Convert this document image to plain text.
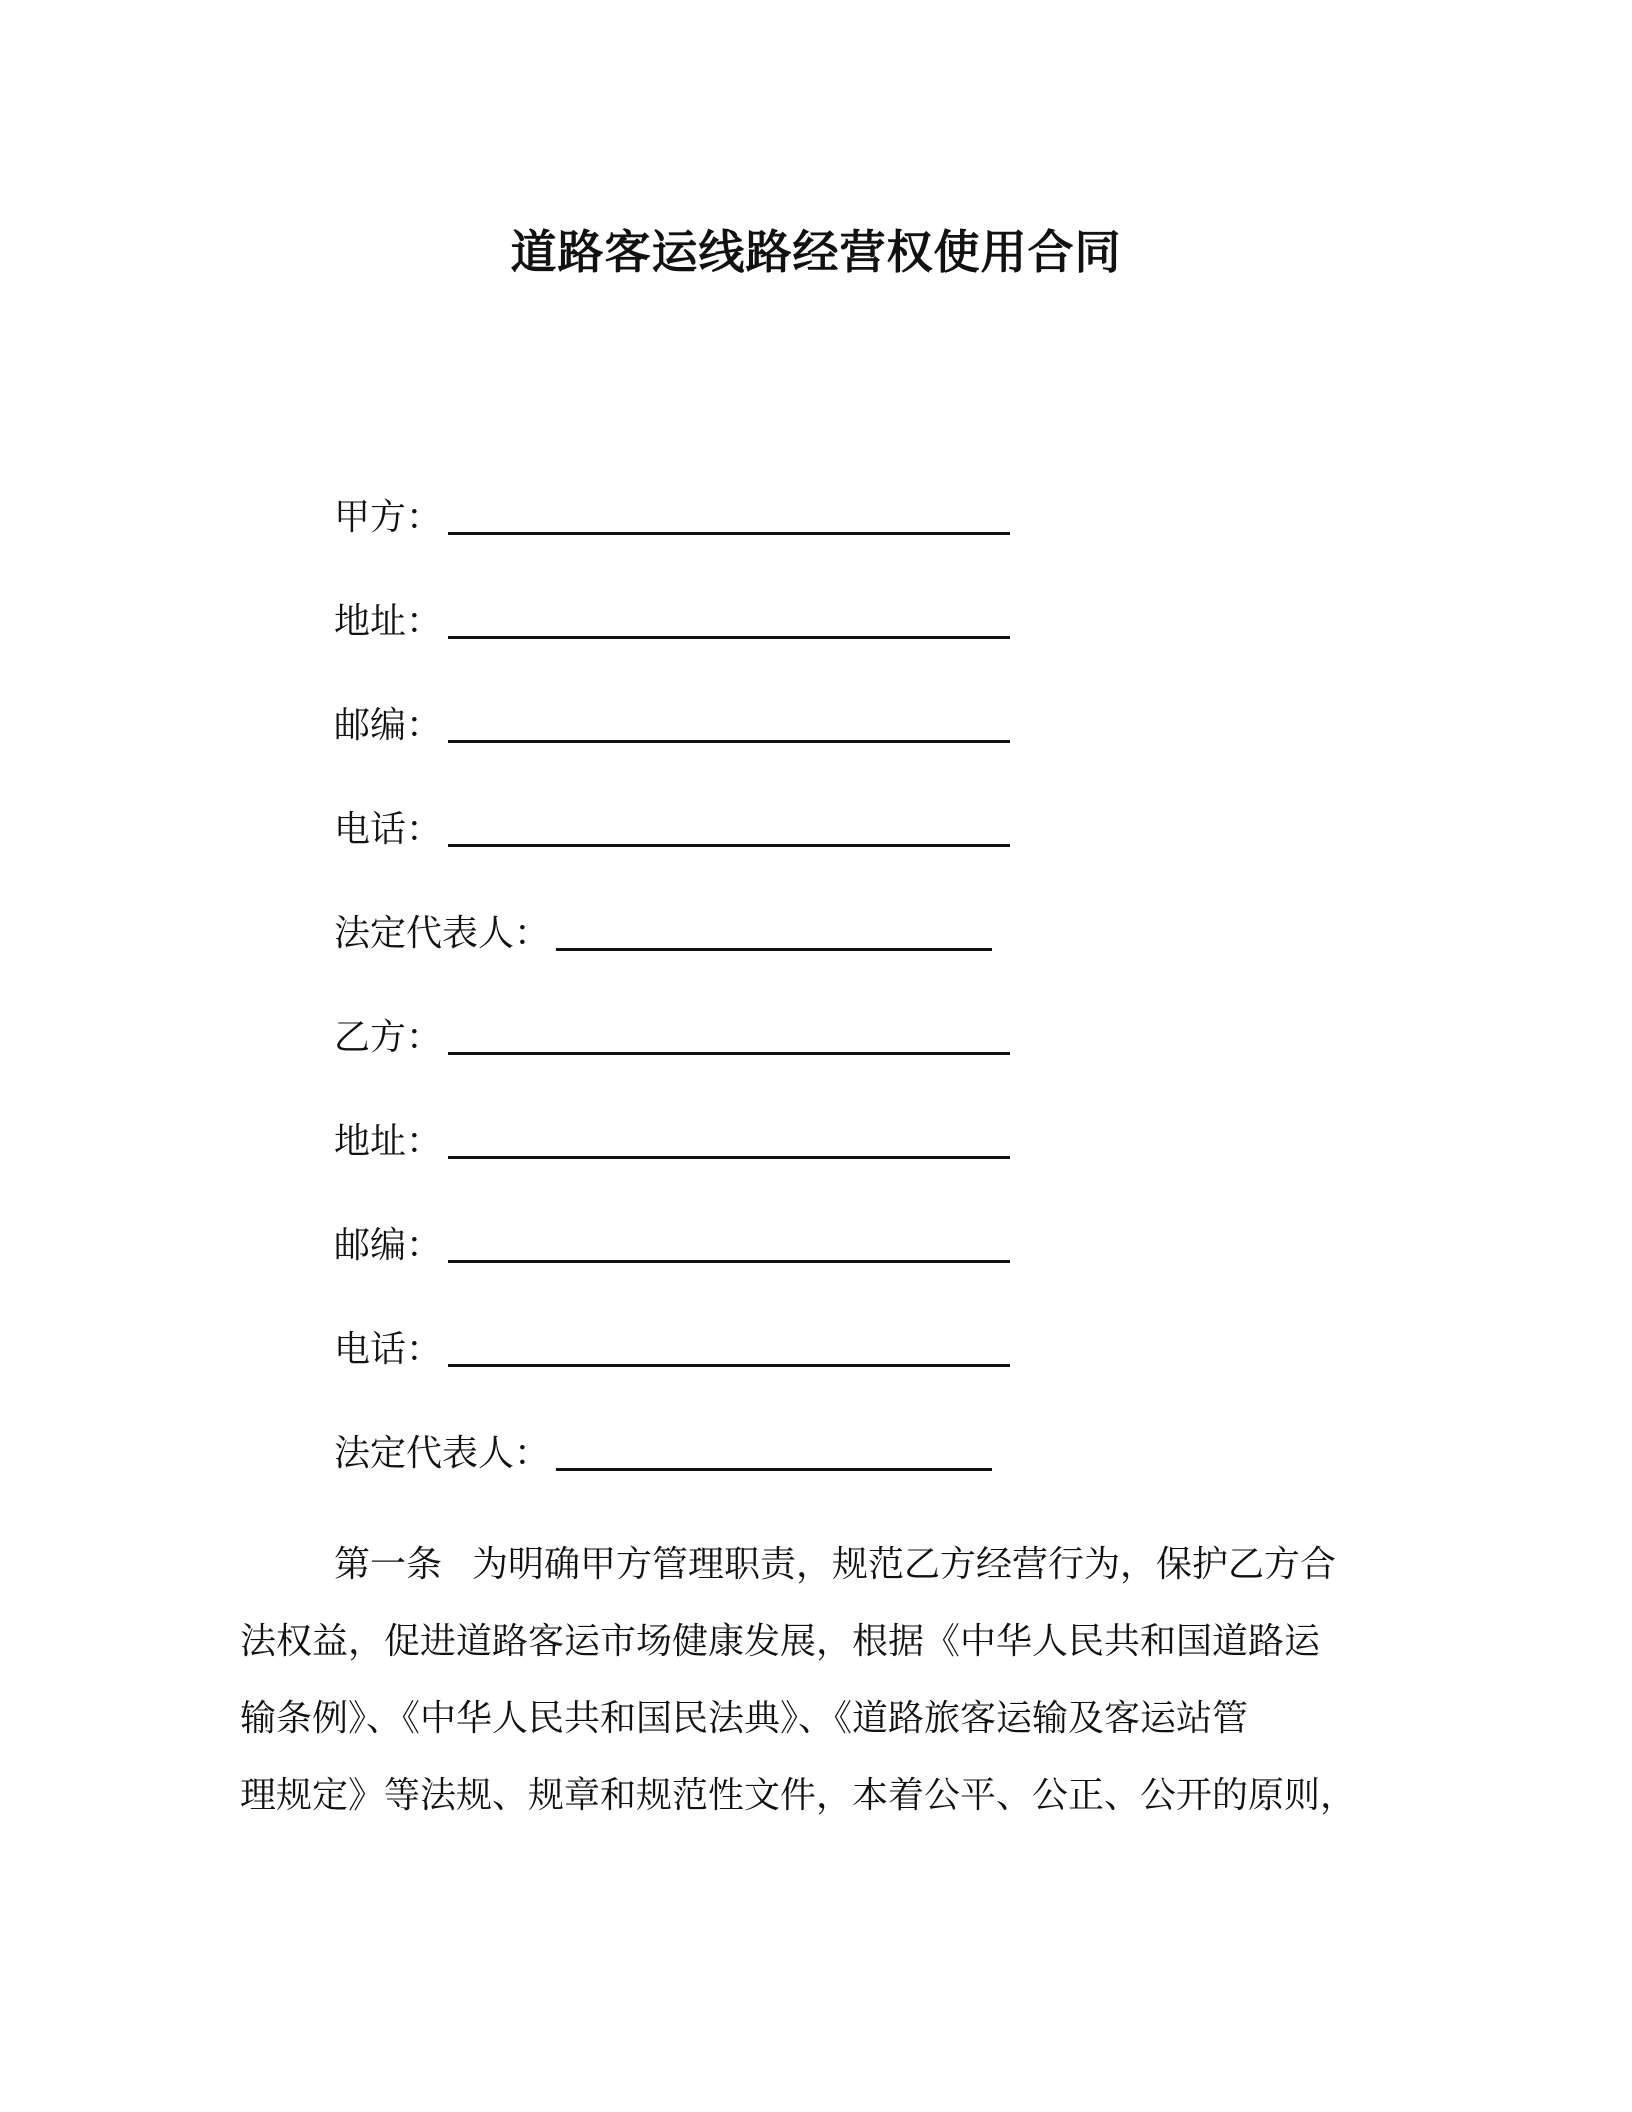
道路客运线路经营权使用合同
甲方：
地址：
邮编：
电话：
法定代表人：
乙方：
地址：
邮编：
电话：
法定代表人：
第一条 为明确甲方管理职责，规范乙方经营行为，保护乙方合
法权益，促进道路客运市场健康发展，根据《中华人民共和国道路运
输条例》、《中华人民共和国民法典》、《道路旅客运输及客运站管
理规定》等法规、规章和规范性文件，本着公平、公正、公开的原则，
